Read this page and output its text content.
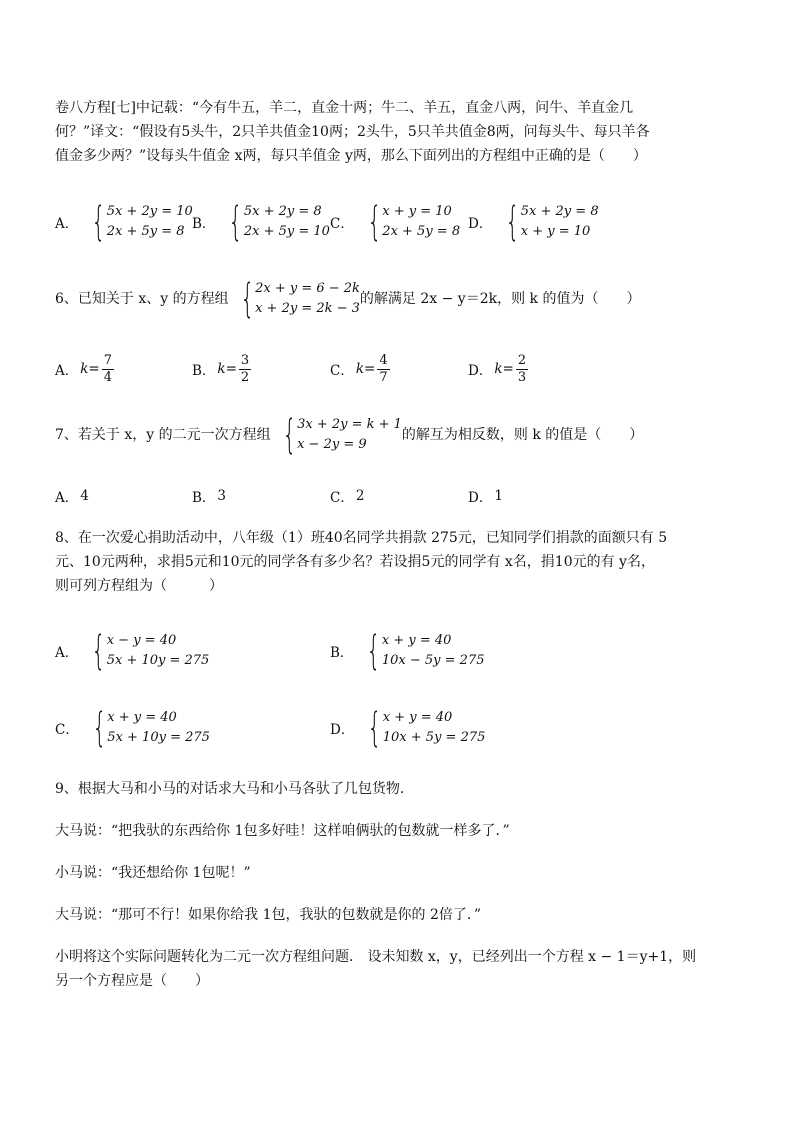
卷八方程[七]中记载：“今有牛五，羊二，直金十两；牛二、羊五，直金八两，问牛、羊直金几
何？”译文：“假设有5头牛，2只羊共值金10两；2头牛，5只羊共值金8两，问每头牛、每只羊各
值金多少两？”设每头牛值金 x两，每只羊值金 y两，那么下面列出的方程组中正确的是（　　）
A． { 5x + 2y = 10
2x + 5y = 8 B． { 5x + 2y = 8
2x + 5y = 10 C． { x + y = 10
2x + 5y = 8 D． { 5x + 2y = 8
x + y = 10
6、已知关于 x、y 的方程组 { 2x + y = 6 − 2k
x + 2y = 2k − 3
的解满足 2x − y＝2k，则 k 的值为（　　）
A． $k= \frac{7}{4}$	B． $k= \frac{3}{2}$	C． $k= \frac{4}{7}$	D． $k= \frac{2}{3}$
7、若关于 x，y 的二元一次方程组 { 3x + 2y = k + 1
x − 2y = 9
的解互为相反数，则 k 的值是（　　）
A． 4	B． 3	C． 2	D． 1
8、在一次爱心捐助活动中，八年级（1）班40名同学共捐款 275元，已知同学们捐款的面额只有 5
元、10元两种，求捐5元和10元的同学各有多少名？若设捐5元的同学有 x名，捐10元的有 y名，
则可列方程组为（　　　）
A． { x − y = 40
5x + 10y = 275	B． { x + y = 40
10x − 5y = 275
C． { x + y = 40
5x + 10y = 275	D． { x + y = 40
10x + 5y = 275
9、根据大马和小马的对话求大马和小马各驮了几包货物．
大马说：“把我驮的东西给你 1包多好哇！这样咱俩驮的包数就一样多了．”
小马说：“我还想给你 1包呢！”
大马说：“那可不行！如果你给我 1包，我驮的包数就是你的 2倍了．”
小明将这个实际问题转化为二元一次方程组问题． 设未知数 x，y，已经列出一个方程 x − 1＝y+1，则
另一个方程应是（　　）
